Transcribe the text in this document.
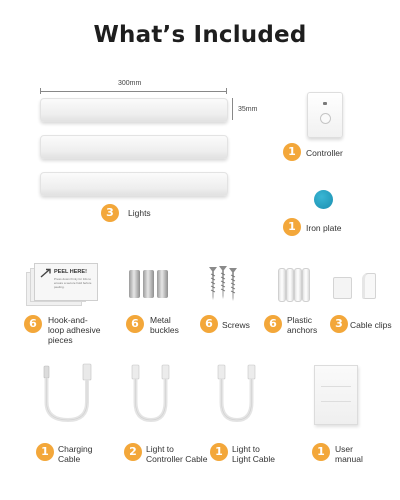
What’s Included
300mm
35mm
3	Lights
1	Controller
1	Iron plate
PEEL HERE!
Press down firmly for 10s to ensure a secure hold before peeling.
6	Hook-and-
loop adhesive
pieces
6	Metal
buckles	6	Screws	6	Plastic
anchors	3 Cable clips
1	Charging
Cable
2	Light to
Controller Cable
1	Light to
Light Cable
1	User
manual
